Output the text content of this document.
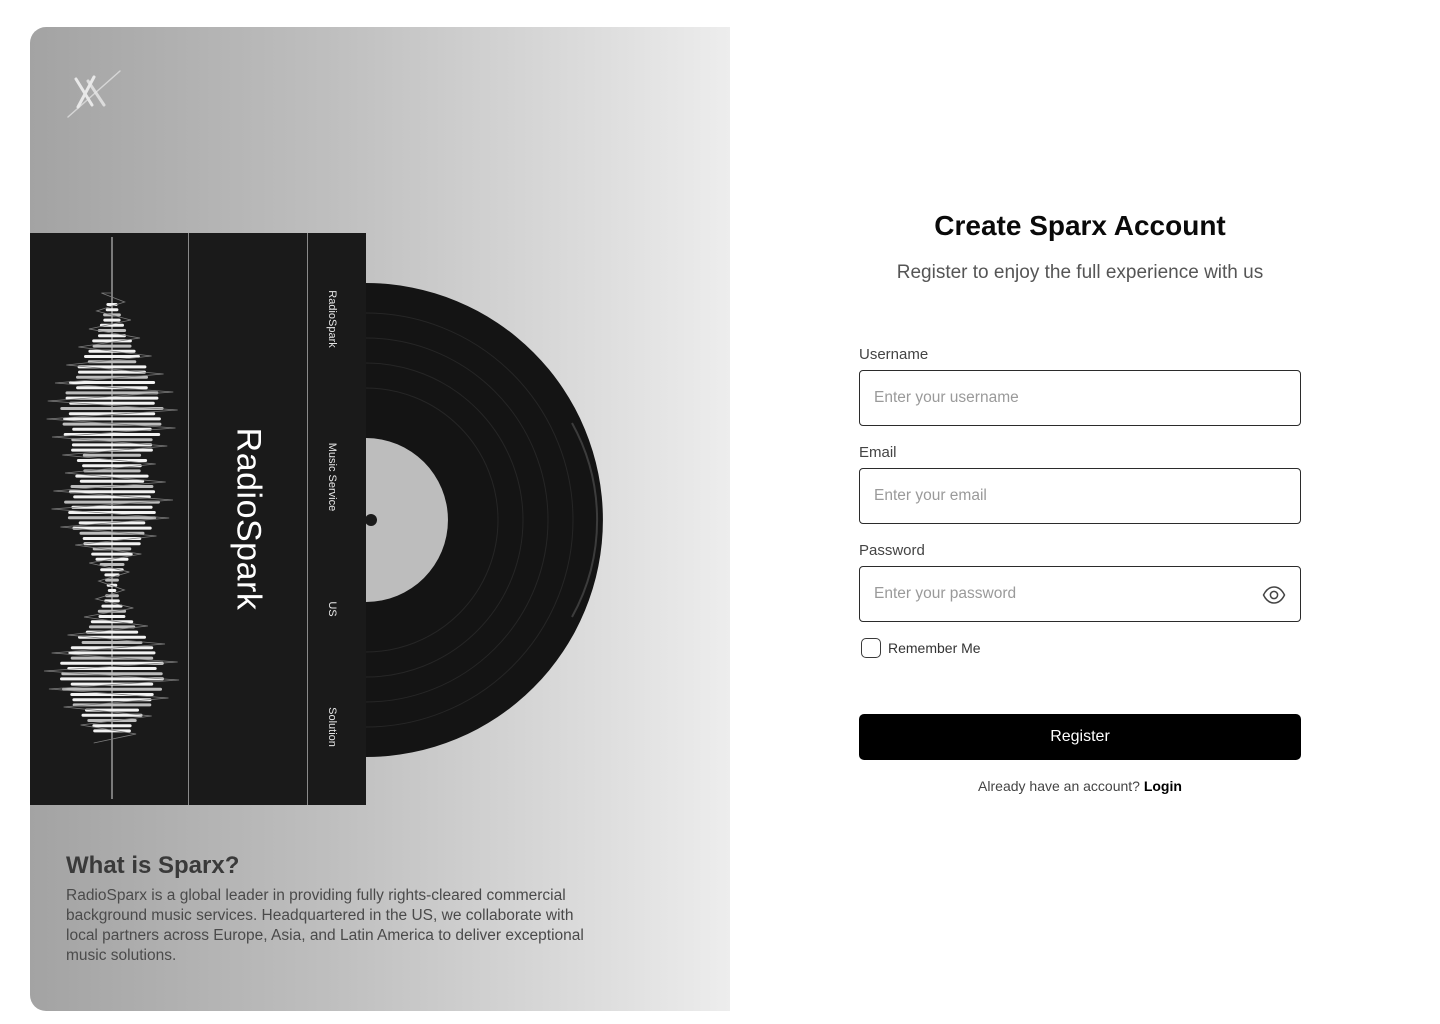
RadioSpark
RadioSpark
Music Service
US
Solution
What is Sparx?

RadioSparx is a global leader in providing fully rights-cleared commercial background music services. Headquartered in the US, we collaborate with local partners across Europe, Asia, and Latin America to deliver exceptional music solutions.

Create Sparx Account

Register to enjoy the full experience with us

Username
Enter your username
Email
Enter your email
Password
Remember Me
Register

Already have an account? Login
